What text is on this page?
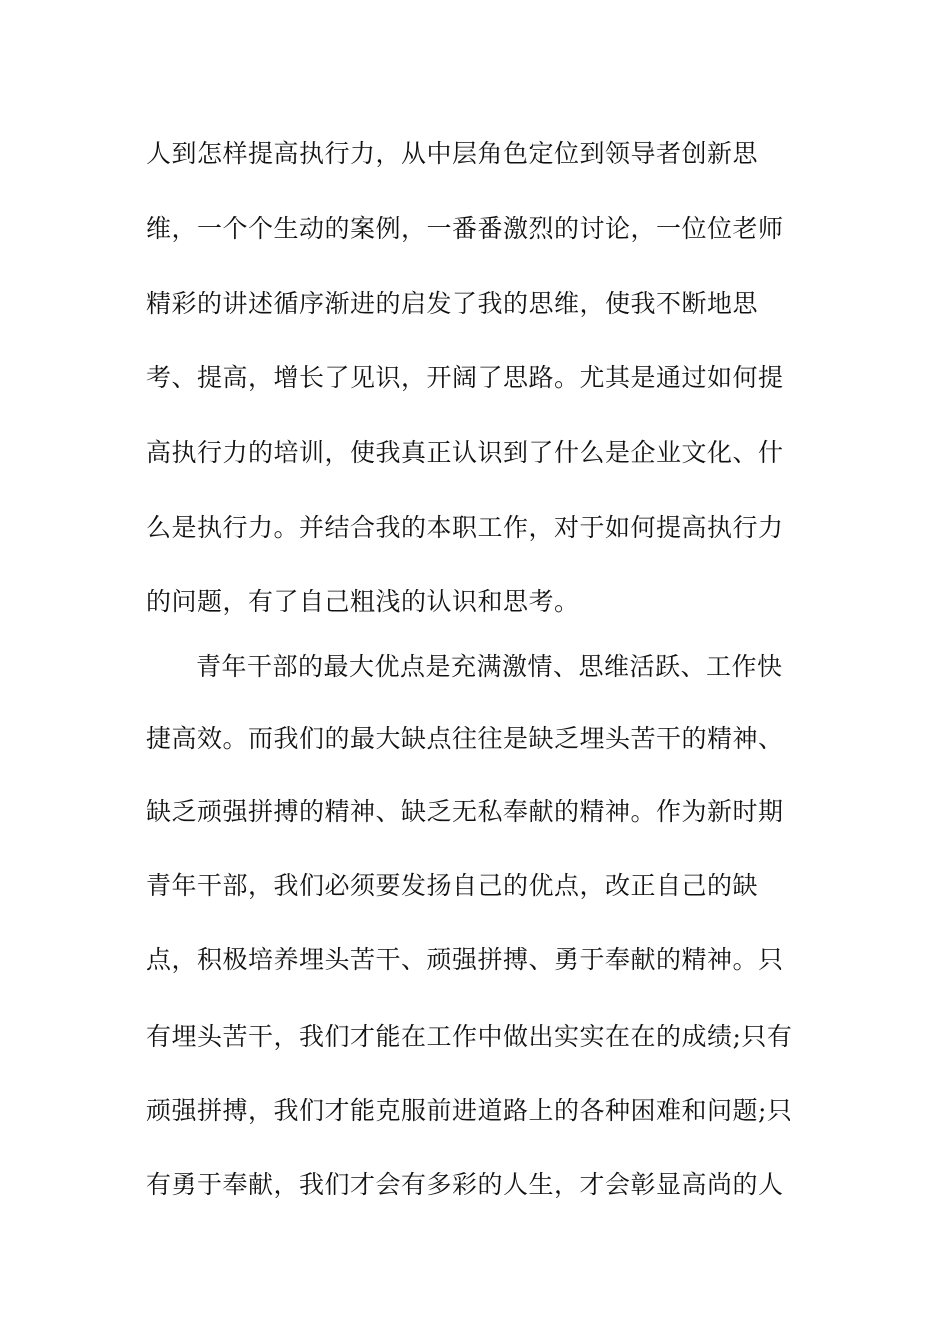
人到怎样提高执行力，从中层角色定位到领导者创新思
维，一个个生动的案例，一番番激烈的讨论，一位位老师
精彩的讲述循序渐进的启发了我的思维，使我不断地思
考、提高，增长了见识，开阔了思路。尤其是通过如何提
高执行力的培训，使我真正认识到了什么是企业文化、什
么是执行力。并结合我的本职工作，对于如何提高执行力
的问题，有了自己粗浅的认识和思考。
青年干部的最大优点是充满激情、思维活跃、工作快
捷高效。而我们的最大缺点往往是缺乏埋头苦干的精神、
缺乏顽强拼搏的精神、缺乏无私奉献的精神。作为新时期
青年干部，我们必须要发扬自己的优点，改正自己的缺
点，积极培养埋头苦干、顽强拼搏、勇于奉献的精神。只
有埋头苦干，我们才能在工作中做出实实在在的成绩;只有
顽强拼搏，我们才能克服前进道路上的各种困难和问题;只
有勇于奉献，我们才会有多彩的人生，才会彰显高尚的人
